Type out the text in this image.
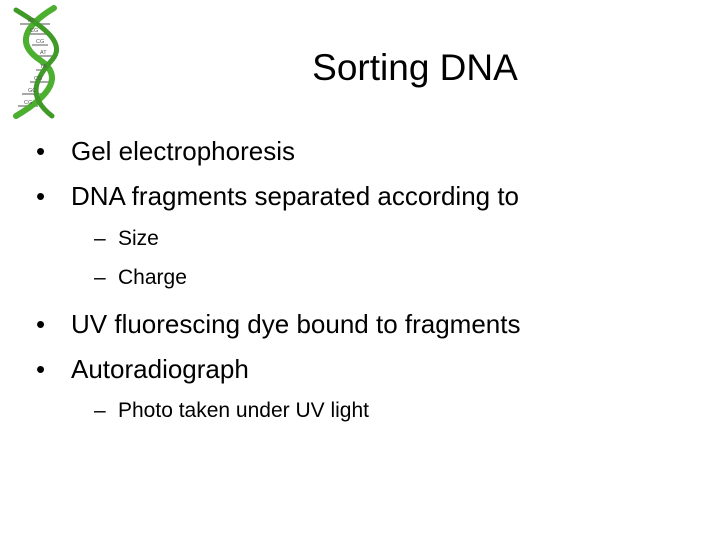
AT
CG
CG
AT
TA
CG
GC
CG
Sorting DNA
• Gel electrophoresis
• DNA fragments separated according to
– Size
– Charge
• UV fluorescing dye bound to fragments
• Autoradiograph
– Photo taken under UV light
